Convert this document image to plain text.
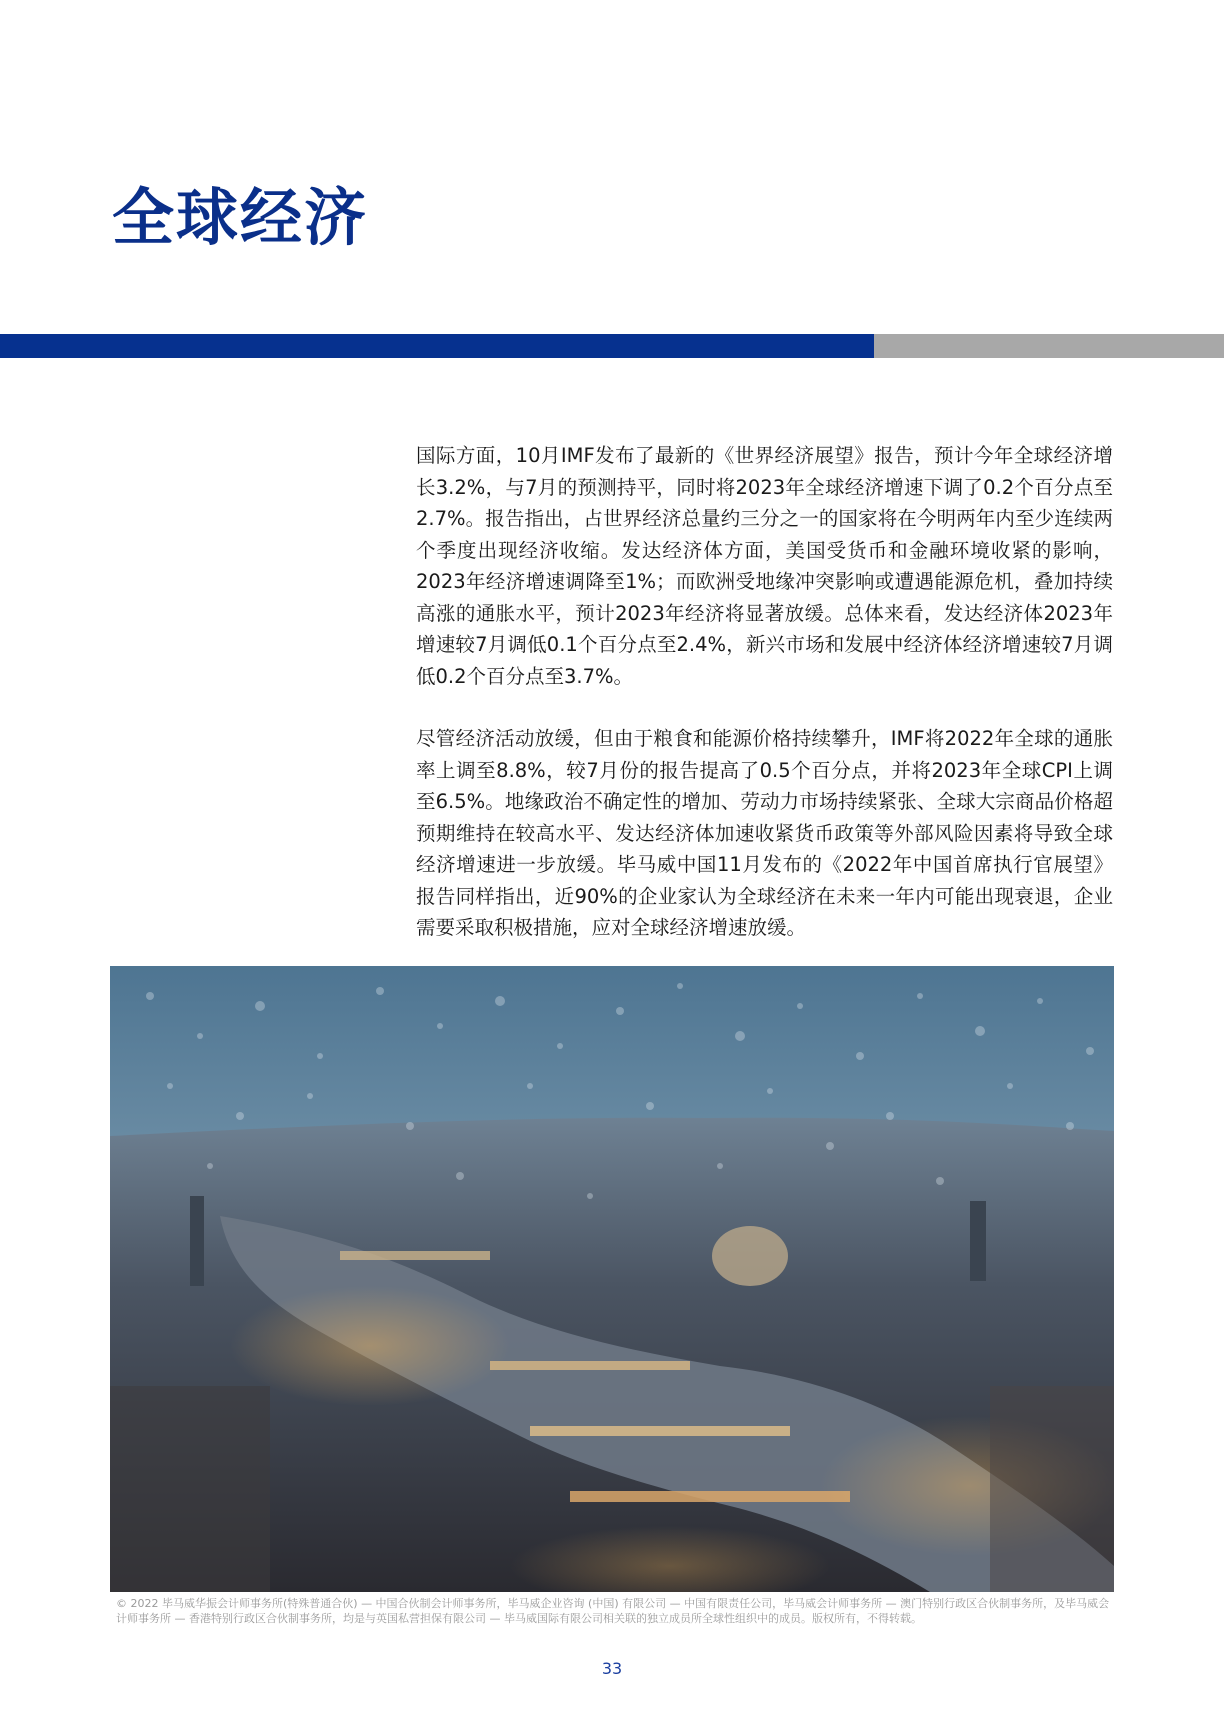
全球经济

国际方面，10月IMF发布了最新的《世界经济展望》报告，预计今年全球经济增长3.2%，与7月的预测持平，同时将2023年全球经济增速下调了0.2个百分点至2.7%。报告指出，占世界经济总量约三分之一的国家将在今明两年内至少连续两个季度出现经济收缩。发达经济体方面，美国受货币和金融环境收紧的影响，2023年经济增速调降至1%；而欧洲受地缘冲突影响或遭遇能源危机，叠加持续高涨的通胀水平，预计2023年经济将显著放缓。总体来看，发达经济体2023年增速较7月调低0.1个百分点至2.4%，新兴市场和发展中经济体经济增速较7月调低0.2个百分点至3.7%。

尽管经济活动放缓，但由于粮食和能源价格持续攀升，IMF将2022年全球的通胀率上调至8.8%，较7月份的报告提高了0.5个百分点，并将2023年全球CPI上调至6.5%。地缘政治不确定性的增加、劳动力市场持续紧张、全球大宗商品价格超预期维持在较高水平、发达经济体加速收紧货币政策等外部风险因素将导致全球经济增速进一步放缓。毕马威中国11月发布的《2022年中国首席执行官展望》报告同样指出，近90%的企业家认为全球经济在未来一年内可能出现衰退，企业需要采取积极措施，应对全球经济增速放缓。

© 2022 毕马威华振会计师事务所(特殊普通合伙) — 中国合伙制会计师事务所，毕马威企业咨询 (中国) 有限公司 — 中国有限责任公司，毕马威会计师事务所 — 澳门特别行政区合伙制事务所，及毕马威会计师事务所 — 香港特别行政区合伙制事务所，均是与英国私营担保有限公司 — 毕马威国际有限公司相关联的独立成员所全球性组织中的成员。版权所有，不得转载。
33
